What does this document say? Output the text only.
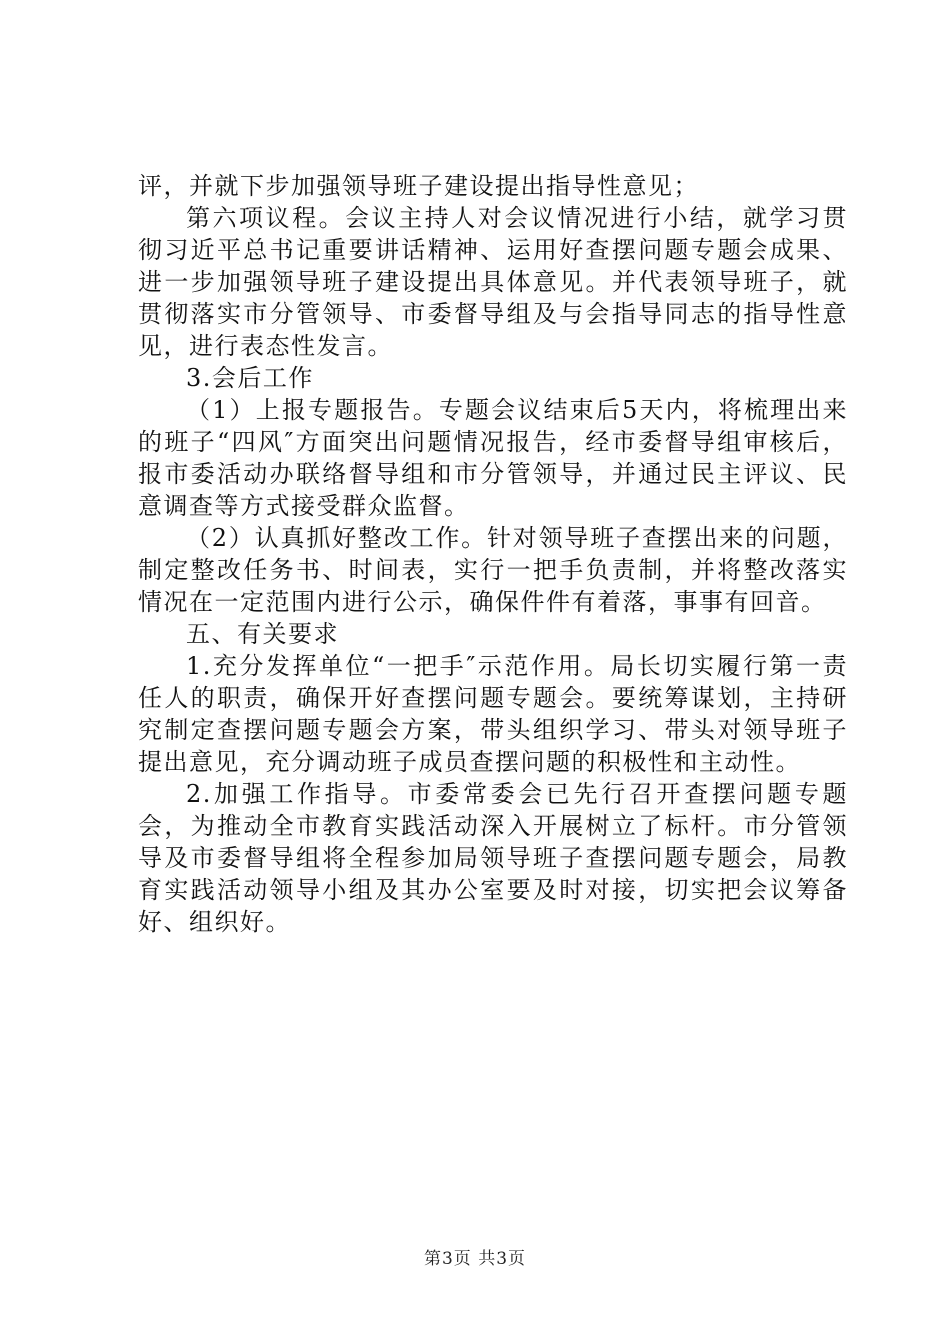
评，并就下步加强领导班子建设提出指导性意见；

第六项议程。会议主持人对会议情况进行小结，就学习贯彻习近平总书记重要讲话精神、运用好查摆问题专题会成果、进一步加强领导班子建设提出具体意见。并代表领导班子，就贯彻落实市分管领导、市委督导组及与会指导同志的指导性意见，进行表态性发言。

3.会后工作

（1）上报专题报告。专题会议结束后5天内，将梳理出来的班子“四风″方面突出问题情况报告，经市委督导组审核后，报市委活动办联络督导组和市分管领导，并通过民主评议、民意调查等方式接受群众监督。

（2）认真抓好整改工作。针对领导班子查摆出来的问题，制定整改任务书、时间表，实行一把手负责制，并将整改落实情况在一定范围内进行公示，确保件件有着落，事事有回音。

五、有关要求

1.充分发挥单位“一把手″示范作用。局长切实履行第一责任人的职责，确保开好查摆问题专题会。要统筹谋划，主持研究制定查摆问题专题会方案，带头组织学习、带头对领导班子提出意见，充分调动班子成员查摆问题的积极性和主动性。

2.加强工作指导。市委常委会已先行召开查摆问题专题会，为推动全市教育实践活动深入开展树立了标杆。市分管领导及市委督导组将全程参加局领导班子查摆问题专题会，局教育实践活动领导小组及其办公室要及时对接，切实把会议筹备好、组织好。

第3页 共3页
